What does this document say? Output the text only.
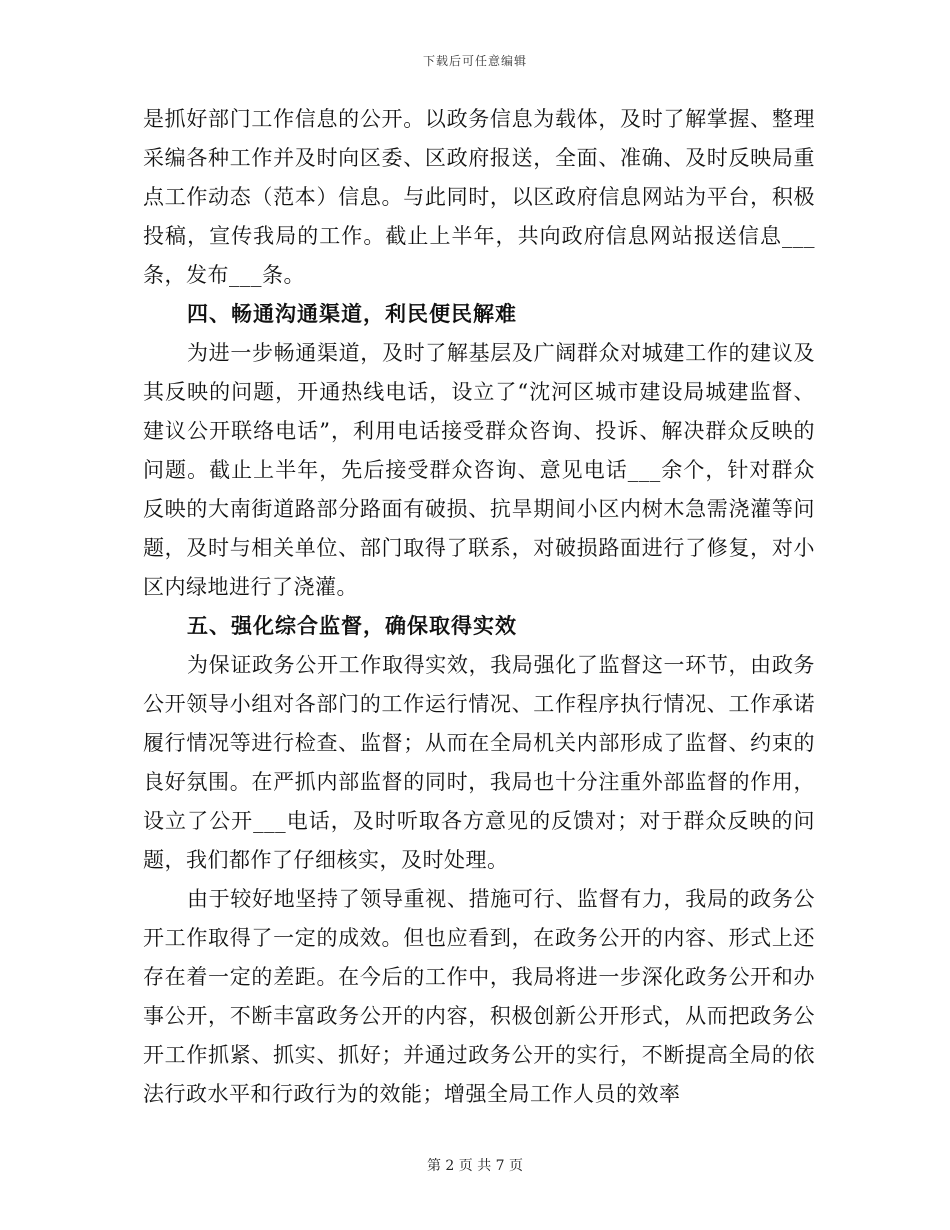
下载后可任意编辑

是抓好部门工作信息的公开。以政务信息为载体，及时了解掌握、整理采编各种工作并及时向区委、区政府报送，全面、准确、及时反映局重点工作动态（范本）信息。与此同时，以区政府信息网站为平台，积极投稿，宣传我局的工作。截止上半年，共向政府信息网站报送信息___条，发布___条。

四、畅通沟通渠道，利民便民解难

为进一步畅通渠道，及时了解基层及广阔群众对城建工作的建议及其反映的问题，开通热线电话，设立了“沈河区城市建设局城建监督、建议公开联络电话”，利用电话接受群众咨询、投诉、解决群众反映的问题。截止上半年，先后接受群众咨询、意见电话___余个，针对群众反映的大南街道路部分路面有破损、抗旱期间小区内树木急需浇灌等问题，及时与相关单位、部门取得了联系，对破损路面进行了修复，对小区内绿地进行了浇灌。

五、强化综合监督，确保取得实效

为保证政务公开工作取得实效，我局强化了监督这一环节，由政务公开领导小组对各部门的工作运行情况、工作程序执行情况、工作承诺履行情况等进行检查、监督；从而在全局机关内部形成了监督、约束的良好氛围。在严抓内部监督的同时，我局也十分注重外部监督的作用，设立了公开___电话，及时听取各方意见的反馈对；对于群众反映的问题，我们都作了仔细核实，及时处理。

由于较好地坚持了领导重视、措施可行、监督有力，我局的政务公开工作取得了一定的成效。但也应看到，在政务公开的内容、形式上还存在着一定的差距。在今后的工作中，我局将进一步深化政务公开和办事公开，不断丰富政务公开的内容，积极创新公开形式，从而把政务公开工作抓紧、抓实、抓好；并通过政务公开的实行，不断提高全局的依法行政水平和行政行为的效能；增强全局工作人员的效率

第 2 页 共 7 页
